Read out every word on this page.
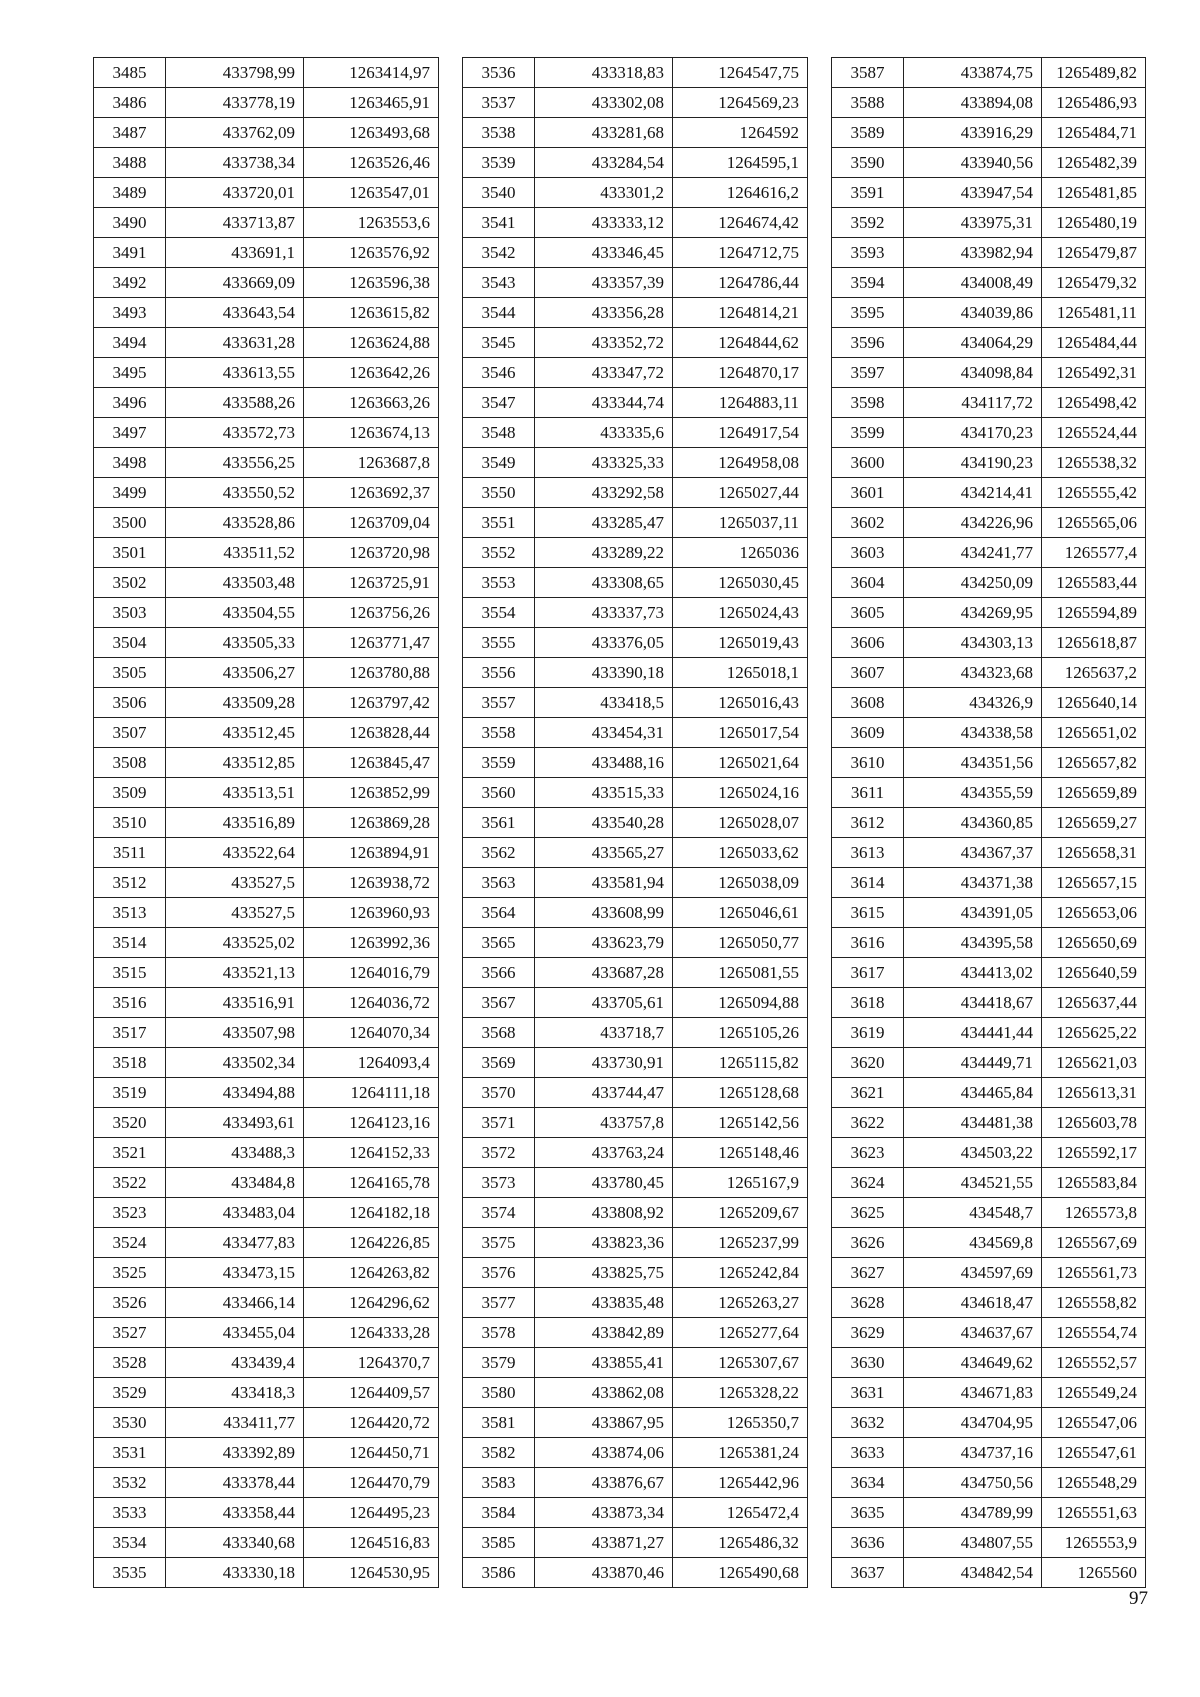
3485	433798,99	1263414,97
3486	433778,19	1263465,91
3487	433762,09	1263493,68
3488	433738,34	1263526,46
3489	433720,01	1263547,01
3490	433713,87	1263553,6
3491	433691,1	1263576,92
3492	433669,09	1263596,38
3493	433643,54	1263615,82
3494	433631,28	1263624,88
3495	433613,55	1263642,26
3496	433588,26	1263663,26
3497	433572,73	1263674,13
3498	433556,25	1263687,8
3499	433550,52	1263692,37
3500	433528,86	1263709,04
3501	433511,52	1263720,98
3502	433503,48	1263725,91
3503	433504,55	1263756,26
3504	433505,33	1263771,47
3505	433506,27	1263780,88
3506	433509,28	1263797,42
3507	433512,45	1263828,44
3508	433512,85	1263845,47
3509	433513,51	1263852,99
3510	433516,89	1263869,28
3511	433522,64	1263894,91
3512	433527,5	1263938,72
3513	433527,5	1263960,93
3514	433525,02	1263992,36
3515	433521,13	1264016,79
3516	433516,91	1264036,72
3517	433507,98	1264070,34
3518	433502,34	1264093,4
3519	433494,88	1264111,18
3520	433493,61	1264123,16
3521	433488,3	1264152,33
3522	433484,8	1264165,78
3523	433483,04	1264182,18
3524	433477,83	1264226,85
3525	433473,15	1264263,82
3526	433466,14	1264296,62
3527	433455,04	1264333,28
3528	433439,4	1264370,7
3529	433418,3	1264409,57
3530	433411,77	1264420,72
3531	433392,89	1264450,71
3532	433378,44	1264470,79
3533	433358,44	1264495,23
3534	433340,68	1264516,83
3535	433330,18	1264530,95
3536	433318,83	1264547,75
3537	433302,08	1264569,23
3538	433281,68	1264592
3539	433284,54	1264595,1
3540	433301,2	1264616,2
3541	433333,12	1264674,42
3542	433346,45	1264712,75
3543	433357,39	1264786,44
3544	433356,28	1264814,21
3545	433352,72	1264844,62
3546	433347,72	1264870,17
3547	433344,74	1264883,11
3548	433335,6	1264917,54
3549	433325,33	1264958,08
3550	433292,58	1265027,44
3551	433285,47	1265037,11
3552	433289,22	1265036
3553	433308,65	1265030,45
3554	433337,73	1265024,43
3555	433376,05	1265019,43
3556	433390,18	1265018,1
3557	433418,5	1265016,43
3558	433454,31	1265017,54
3559	433488,16	1265021,64
3560	433515,33	1265024,16
3561	433540,28	1265028,07
3562	433565,27	1265033,62
3563	433581,94	1265038,09
3564	433608,99	1265046,61
3565	433623,79	1265050,77
3566	433687,28	1265081,55
3567	433705,61	1265094,88
3568	433718,7	1265105,26
3569	433730,91	1265115,82
3570	433744,47	1265128,68
3571	433757,8	1265142,56
3572	433763,24	1265148,46
3573	433780,45	1265167,9
3574	433808,92	1265209,67
3575	433823,36	1265237,99
3576	433825,75	1265242,84
3577	433835,48	1265263,27
3578	433842,89	1265277,64
3579	433855,41	1265307,67
3580	433862,08	1265328,22
3581	433867,95	1265350,7
3582	433874,06	1265381,24
3583	433876,67	1265442,96
3584	433873,34	1265472,4
3585	433871,27	1265486,32
3586	433870,46	1265490,68
3587	433874,75	1265489,82
3588	433894,08	1265486,93
3589	433916,29	1265484,71
3590	433940,56	1265482,39
3591	433947,54	1265481,85
3592	433975,31	1265480,19
3593	433982,94	1265479,87
3594	434008,49	1265479,32
3595	434039,86	1265481,11
3596	434064,29	1265484,44
3597	434098,84	1265492,31
3598	434117,72	1265498,42
3599	434170,23	1265524,44
3600	434190,23	1265538,32
3601	434214,41	1265555,42
3602	434226,96	1265565,06
3603	434241,77	1265577,4
3604	434250,09	1265583,44
3605	434269,95	1265594,89
3606	434303,13	1265618,87
3607	434323,68	1265637,2
3608	434326,9	1265640,14
3609	434338,58	1265651,02
3610	434351,56	1265657,82
3611	434355,59	1265659,89
3612	434360,85	1265659,27
3613	434367,37	1265658,31
3614	434371,38	1265657,15
3615	434391,05	1265653,06
3616	434395,58	1265650,69
3617	434413,02	1265640,59
3618	434418,67	1265637,44
3619	434441,44	1265625,22
3620	434449,71	1265621,03
3621	434465,84	1265613,31
3622	434481,38	1265603,78
3623	434503,22	1265592,17
3624	434521,55	1265583,84
3625	434548,7	1265573,8
3626	434569,8	1265567,69
3627	434597,69	1265561,73
3628	434618,47	1265558,82
3629	434637,67	1265554,74
3630	434649,62	1265552,57
3631	434671,83	1265549,24
3632	434704,95	1265547,06
3633	434737,16	1265547,61
3634	434750,56	1265548,29
3635	434789,99	1265551,63
3636	434807,55	1265553,9
3637	434842,54	1265560
97
